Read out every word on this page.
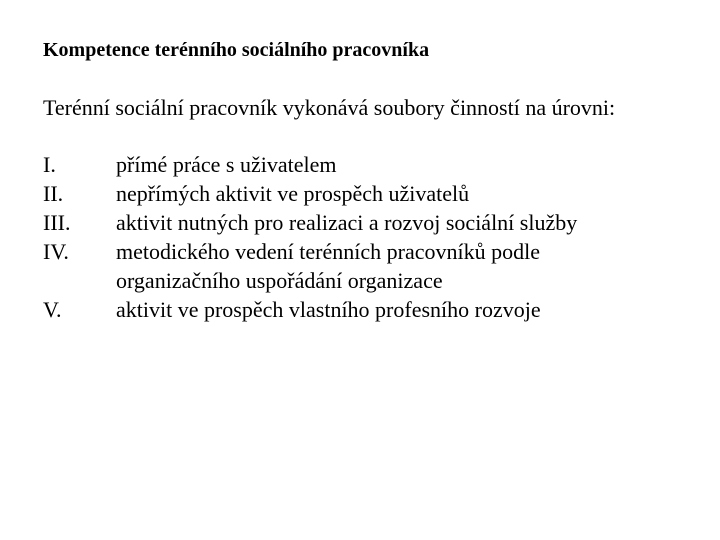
Kompetence terénního sociálního pracovníka
Terénní sociální pracovník vykonává soubory činností na úrovni:
I.	přímé práce s uživatelem
II.	nepřímých aktivit ve prospěch uživatelů
III.	aktivit nutných pro realizaci a rozvoj sociální služby
IV.	metodického vedení terénních pracovníků podle
organizačního uspořádání organizace
V.	aktivit ve prospěch vlastního profesního rozvoje
